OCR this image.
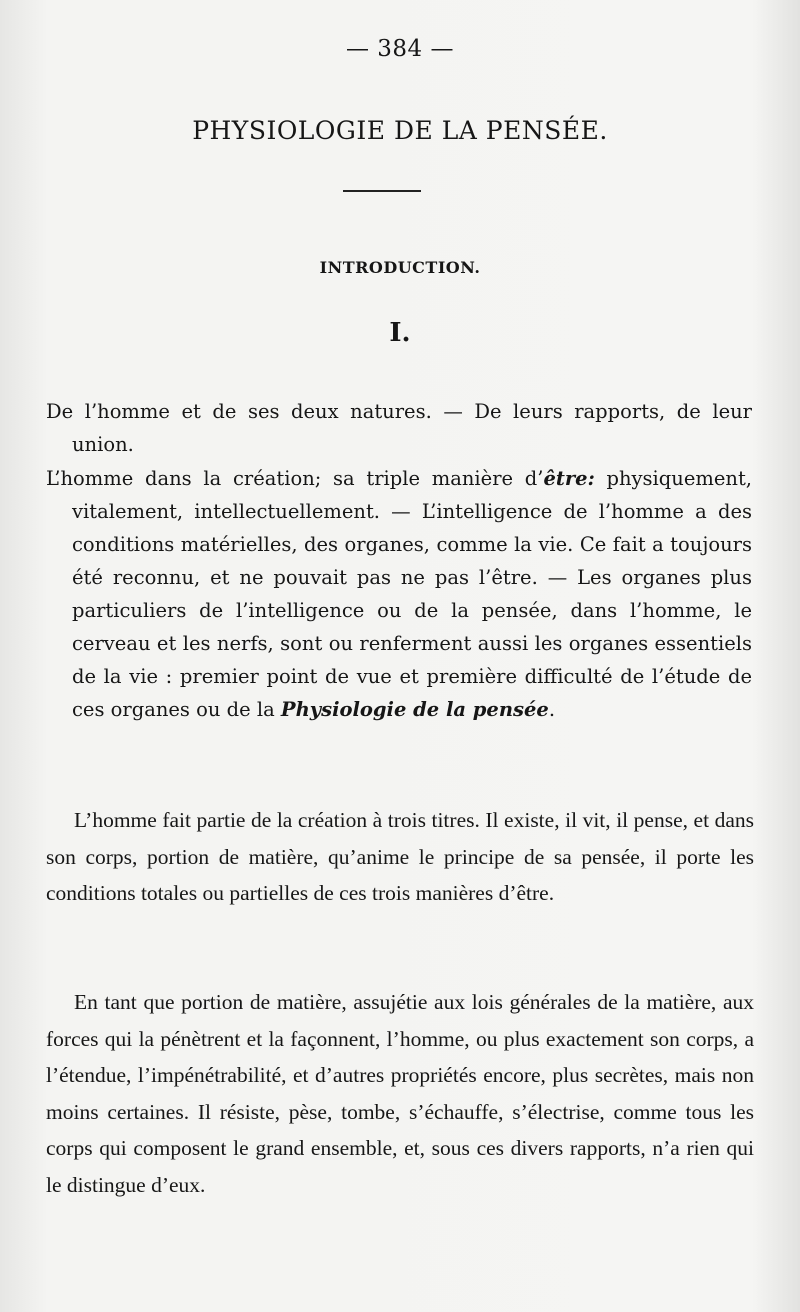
— 384 —
PHYSIOLOGIE DE LA PENSÉE.
INTRODUCTION.
I.

De l’homme et de ses deux natures. — De leurs rapports, de leur union.

L’homme dans la création; sa triple manière d’être: physiquement, vitalement, intellectuellement. — L’intelligence de l’homme a des conditions matérielles, des organes, comme la vie. Ce fait a toujours été reconnu, et ne pouvait pas ne pas l’être. — Les organes plus particuliers de l’intelligence ou de la pensée, dans l’homme, le cerveau et les nerfs, sont ou renferment aussi les organes essentiels de la vie : premier point de vue et première difficulté de l’étude de ces organes ou de la Physiologie de la pensée.

L’homme fait partie de la création à trois titres. Il existe, il vit, il pense, et dans son corps, portion de matière, qu’anime le principe de sa pensée, il porte les conditions totales ou partielles de ces trois manières d’être.

En tant que portion de matière, assujétie aux lois générales de la matière, aux forces qui la pénètrent et la façonnent, l’homme, ou plus exactement son corps, a l’étendue, l’impénétrabilité, et d’autres propriétés encore, plus secrètes, mais non moins certaines. Il résiste, pèse, tombe, s’échauffe, s’électrise, comme tous les corps qui composent le grand ensemble, et, sous ces divers rapports, n’a rien qui le distingue d’eux.
